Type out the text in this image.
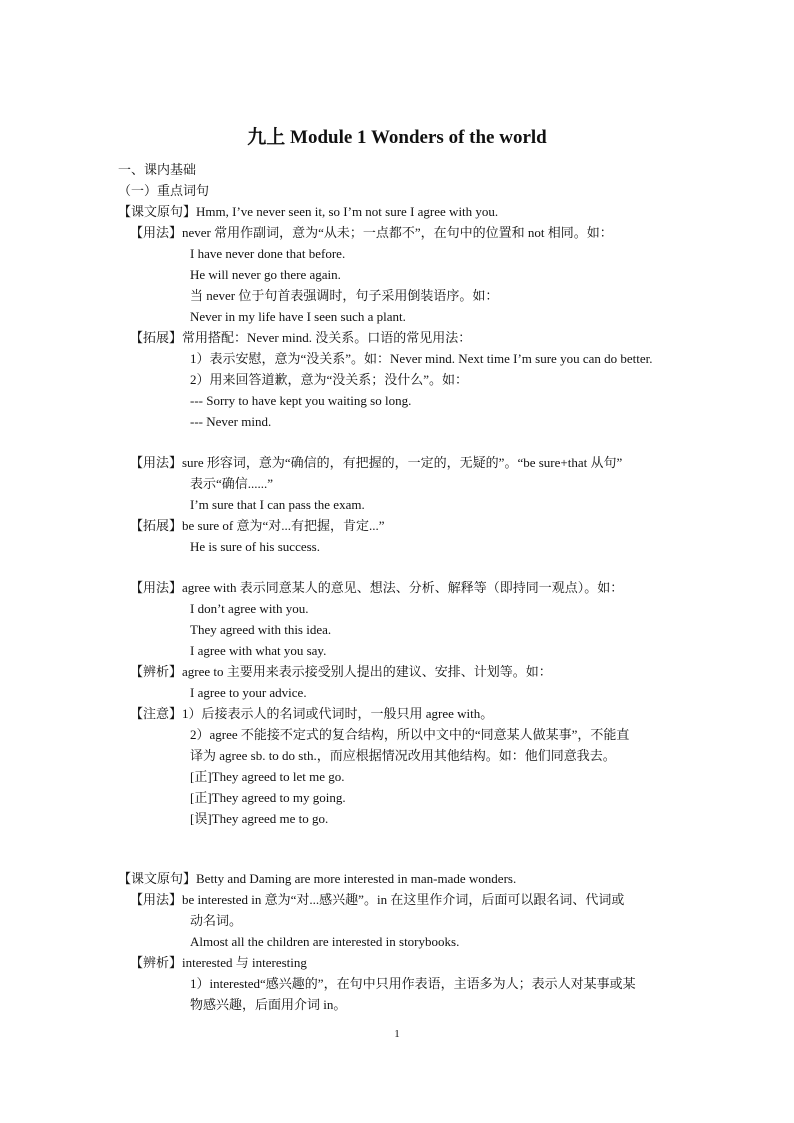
九上 Module 1 Wonders of the world
一、课内基础
（一）重点词句
【课文原句】Hmm, I’ve never seen it, so I’m not sure I agree with you.
【用法】never 常用作副词，意为“从未；一点都不”，在句中的位置和 not 相同。如：
I have never done that before.
He will never go there again.
当 never 位于句首表强调时，句子采用倒装语序。如：
Never in my life have I seen such a plant.
【拓展】常用搭配：Never mind. 没关系。口语的常见用法：
1）表示安慰，意为“没关系”。如：Never mind. Next time I’m sure you can do better.
2）用来回答道歉，意为“没关系；没什么”。如：
--- Sorry to have kept you waiting so long.
--- Never mind.
【用法】sure 形容词，意为“确信的，有把握的，一定的，无疑的”。“be sure+that 从句”
表示“确信......”
I’m sure that I can pass the exam.
【拓展】be sure of 意为“对...有把握，肯定...”
He is sure of his success.
【用法】agree with 表示同意某人的意见、想法、分析、解释等（即持同一观点）。如：
I don’t agree with you.
They agreed with this idea.
I agree with what you say.
【辨析】agree to 主要用来表示接受别人提出的建议、安排、计划等。如：
I agree to your advice.
【注意】1）后接表示人的名词或代词时，一般只用 agree with。
2）agree 不能接不定式的复合结构，所以中文中的“同意某人做某事”，不能直
译为 agree sb. to do sth.，而应根据情况改用其他结构。如：他们同意我去。
[正]They agreed to let me go.
[正]They agreed to my going.
[误]They agreed me to go.
【课文原句】Betty and Daming are more interested in man-made wonders.
【用法】be interested in 意为“对...感兴趣”。in 在这里作介词，后面可以跟名词、代词或
动名词。
Almost all the children are interested in storybooks.
【辨析】interested 与 interesting
1）interested“感兴趣的”，在句中只用作表语，主语多为人；表示人对某事或某
物感兴趣，后面用介词 in。
1
